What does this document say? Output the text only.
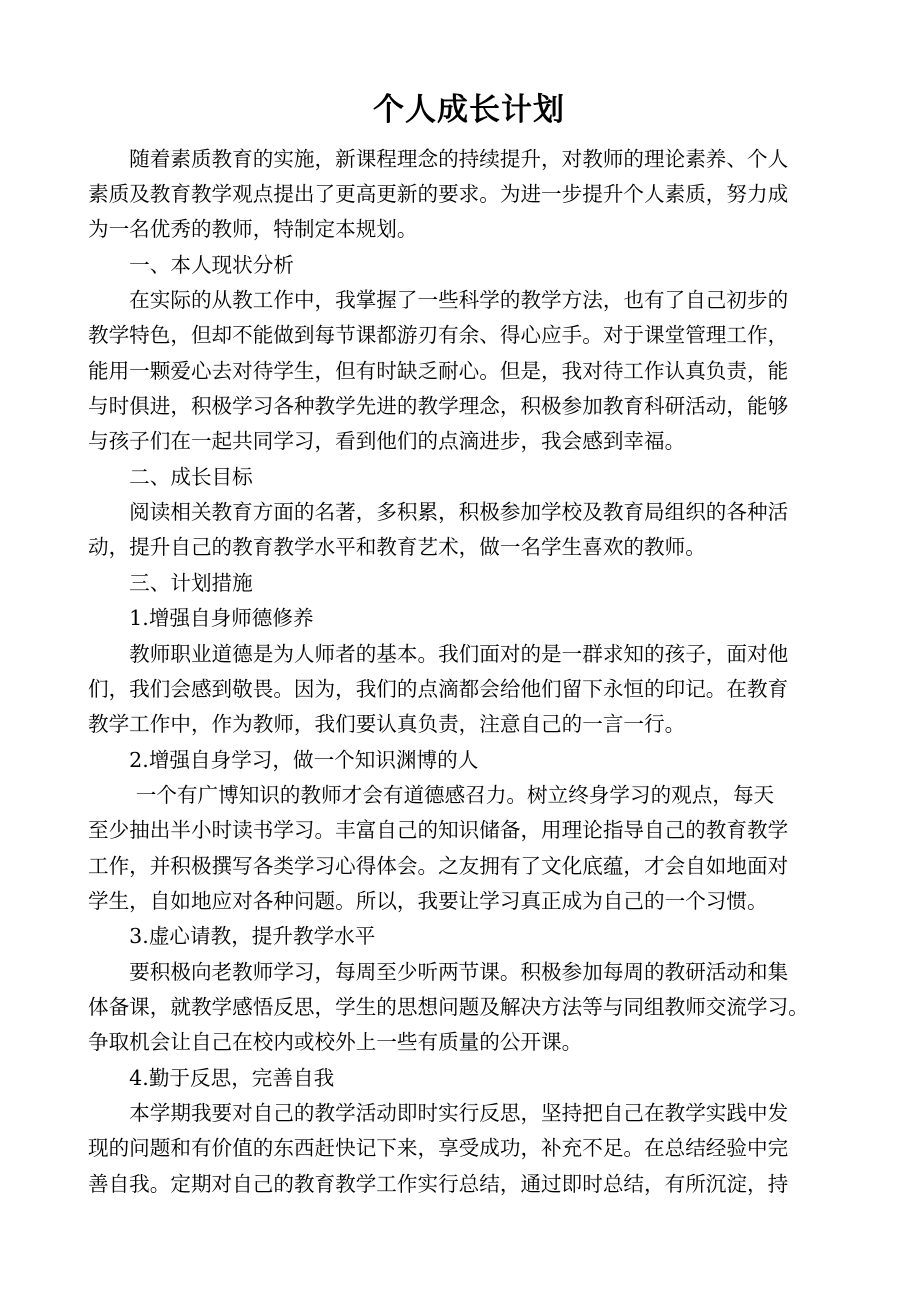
个人成长计划
　　随着素质教育的实施，新课程理念的持续提升，对教师的理论素养、个人
素质及教育教学观点提出了更高更新的要求。为进一步提升个人素质，努力成
为一名优秀的教师，特制定本规划。
　　一、本人现状分析
　　在实际的从教工作中，我掌握了一些科学的教学方法，也有了自己初步的
教学特色，但却不能做到每节课都游刃有余、得心应手。对于课堂管理工作，
能用一颗爱心去对待学生，但有时缺乏耐心。但是，我对待工作认真负责，能
与时俱进，积极学习各种教学先进的教学理念，积极参加教育科研活动，能够
与孩子们在一起共同学习，看到他们的点滴进步，我会感到幸福。
　　二、成长目标
　　阅读相关教育方面的名著，多积累，积极参加学校及教育局组织的各种活
动，提升自己的教育教学水平和教育艺术，做一名学生喜欢的教师。
　　三、计划措施
　　1.增强自身师德修养
　　教师职业道德是为人师者的基本。我们面对的是一群求知的孩子，面对他
们，我们会感到敬畏。因为，我们的点滴都会给他们留下永恒的印记。在教育
教学工作中，作为教师，我们要认真负责，注意自己的一言一行。
　　2.增强自身学习，做一个知识渊博的人
　　 一个有广博知识的教师才会有道德感召力。树立终身学习的观点，每天
至少抽出半小时读书学习。丰富自己的知识储备，用理论指导自己的教育教学
工作，并积极撰写各类学习心得体会。之友拥有了文化底蕴，才会自如地面对
学生，自如地应对各种问题。所以，我要让学习真正成为自己的一个习惯。
　　3.虚心请教，提升教学水平
　　要积极向老教师学习，每周至少听两节课。积极参加每周的教研活动和集
体备课，就教学感悟反思，学生的思想问题及解决方法等与同组教师交流学习。
争取机会让自己在校内或校外上一些有质量的公开课。
　　4.勤于反思，完善自我
　　本学期我要对自己的教学活动即时实行反思，坚持把自己在教学实践中发
现的问题和有价值的东西赶快记下来，享受成功，补充不足。在总结经验中完
善自我。定期对自己的教育教学工作实行总结，通过即时总结，有所沉淀，持
